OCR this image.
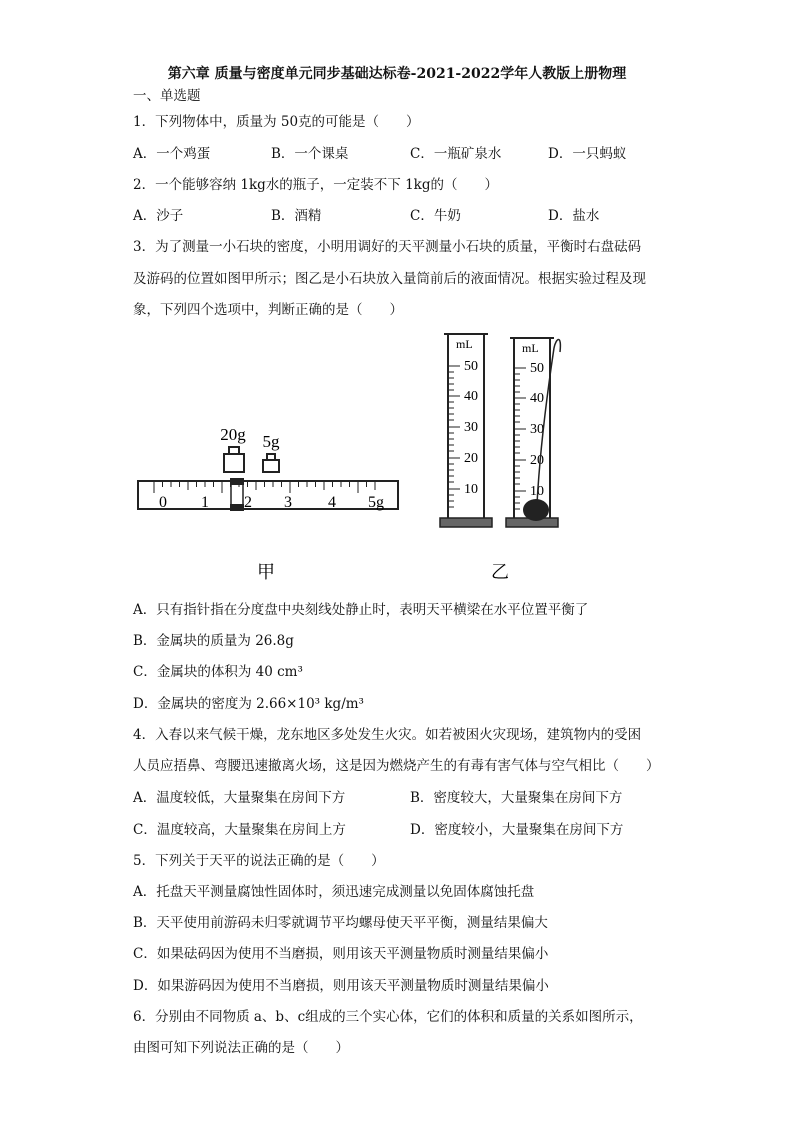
第六章 质量与密度单元同步基础达标卷-2021-2022学年人教版上册物理
一、单选题
1．下列物体中，质量为 50克的可能是（　　）
A．一个鸡蛋	B．一个课桌	C．一瓶矿泉水	D．一只蚂蚁
2．一个能够容纳 1kg水的瓶子，一定装不下 1kg的（　　）
A．沙子	B．酒精	C．牛奶	D．盐水
3．为了测量一小石块的密度，小明用调好的天平测量小石块的质量，平衡时右盘砝码
及游码的位置如图甲所示；图乙是小石块放入量筒前后的液面情况。根据实验过程及现
象，下列四个选项中，判断正确的是（　　）
20g 5g
0 1 2 3 4 5g
甲
mL
50
40
30
20
10
mL
50
40
30
20
10
乙
A．只有指针指在分度盘中央刻线处静止时，表明天平横梁在水平位置平衡了
B．金属块的质量为 26.8g
C．金属块的体积为 40 cm³
D．金属块的密度为 2.66×10³ kg/m³
4．入春以来气候干燥，龙东地区多处发生火灾。如若被困火灾现场，建筑物内的受困
人员应捂鼻、弯腰迅速撤离火场，这是因为燃烧产生的有毒有害气体与空气相比（　　）
A．温度较低，大量聚集在房间下方	B．密度较大，大量聚集在房间下方
C．温度较高，大量聚集在房间上方	D．密度较小，大量聚集在房间下方
5．下列关于天平的说法正确的是（　　）
A．托盘天平测量腐蚀性固体时，须迅速完成测量以免固体腐蚀托盘
B．天平使用前游码未归零就调节平均螺母使天平平衡，测量结果偏大
C．如果砝码因为使用不当磨损，则用该天平测量物质时测量结果偏小
D．如果游码因为使用不当磨损，则用该天平测量物质时测量结果偏小
6．分别由不同物质 a、b、c组成的三个实心体，它们的体积和质量的关系如图所示，
由图可知下列说法正确的是（　　）
